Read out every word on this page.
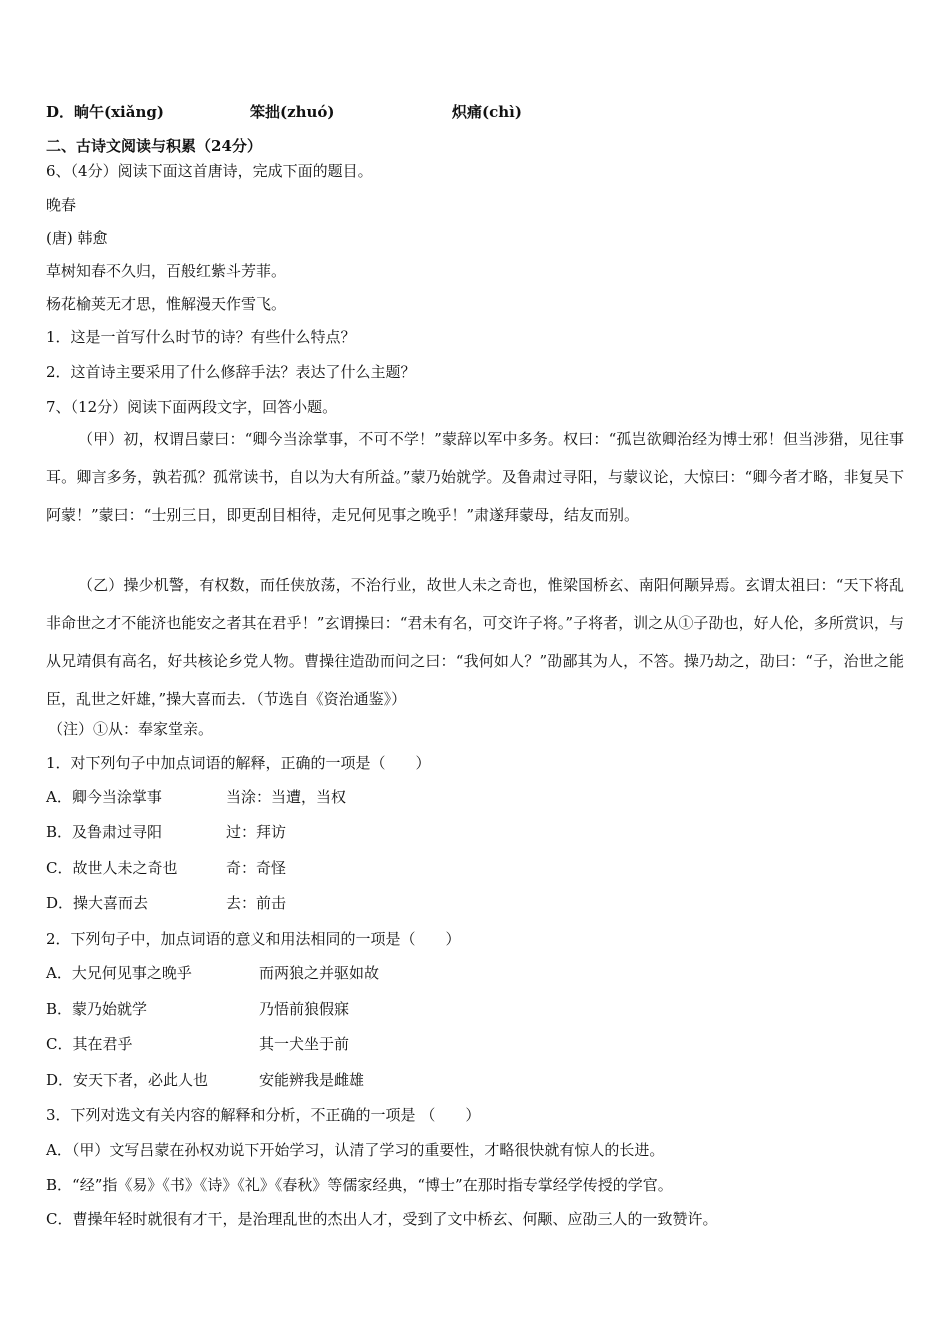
D．晌午(xiǎng)	笨拙(zhuó)	炽痛(chì)
二、古诗文阅读与积累（24分）
6、（4分）阅读下面这首唐诗，完成下面的题目。
晚春
(唐) 韩愈
草树知春不久归，百般红紫斗芳菲。
杨花榆荚无才思，惟解漫天作雪飞。
1．这是一首写什么时节的诗？有些什么特点？
2．这首诗主要采用了什么修辞手法？表达了什么主题？
7、（12分）阅读下面两段文字，回答小题。
（甲）初，权谓吕蒙曰：“卿今当涂掌事，不可不学！”蒙辞以军中多务。权曰：“孤岂欲卿治经为博士邪！但当涉猎，见往事耳。卿言多务，孰若孤？孤常读书，自以为大有所益。”蒙乃始就学。及鲁肃过寻阳，与蒙议论，大惊曰：“卿今者才略，非复吴下阿蒙！”蒙曰：“士别三日，即更刮目相待，走兄何见事之晚乎！”肃遂拜蒙母，结友而别。
（乙）操少机警，有权数，而任侠放荡，不治行业，故世人未之奇也，惟梁国桥玄、南阳何颙异焉。玄谓太祖曰：“天下将乱非命世之才不能济也能安之者其在君乎！”玄谓操曰：“君未有名，可交许子将。”子将者，训之从①子劭也，好人伦，多所赏识，与从兄靖俱有高名，好共核论乡党人物。曹操往造劭而问之曰：“我何如人？”劭鄙其为人，不答。操乃劫之，劭曰：“子，治世之能臣，乱世之奸雄，”操大喜而去．（节选自《资治通鉴》）
（注）①从：奉家堂亲。
1．对下列句子中加点词语的解释，正确的一项是（　　）
A．卿今当涂掌事	当涂：当遭，当权
B．及鲁肃过寻阳	过：拜访
C．故世人未之奇也	奇：奇怪
D．操大喜而去	去：前击
2．下列句子中，加点词语的意义和用法相同的一项是（　　）
A．大兄何见事之晚乎	而两狼之并驱如故
B．蒙乃始就学	乃悟前狼假寐
C．其在君乎	其一犬坐于前
D．安天下者，必此人也	安能辨我是雌雄
3．下列对选文有关内容的解释和分析，不正确的一项是 （　　）
A．（甲）文写吕蒙在孙权劝说下开始学习，认清了学习的重要性，才略很快就有惊人的长进。
B．“经”指《易》《书》《诗》《礼》《春秋》等儒家经典，“博士”在那时指专掌经学传授的学官。
C．曹操年轻时就很有才干，是治理乱世的杰出人才，受到了文中桥玄、何颙、应劭三人的一致赞许。
